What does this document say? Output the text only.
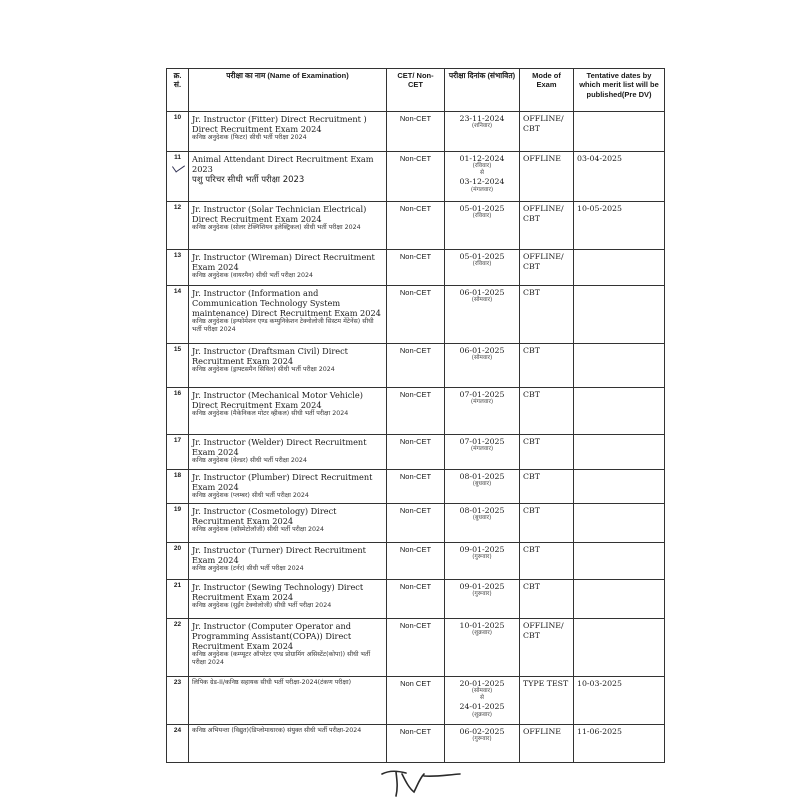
क्र. सं.	परीक्षा का नाम (Name of Examination)	CET/ Non-CET	परीक्षा दिनांक (संभावित)	Mode of Exam	Tentative dates by which merit list will be published(Pre DV)
10	Jr. Instructor (Fitter) Direct Recruitment ) Direct Recruitment Exam 2024
कनिष्ठ अनुदेशक (फिटर) सीधी भर्ती परीक्षा 2024	Non-CET	23-11-2024
(शनिवार)	OFFLINE/ CBT	
11	Animal Attendant Direct Recruitment Exam 2023
पशु परिचर सीधी भर्ती परीक्षा 2023	Non-CET	01-12-2024
(रविवार)
से
03-12-2024
(मंगलवार)	OFFLINE	03-04-2025
12	Jr. Instructor (Solar Technician Electrical) Direct Recruitment Exam 2024
कनिष्ठ अनुदेशक (सोलर टेक्निशियन इलेक्ट्रिकल) सीधी भर्ती परीक्षा 2024	Non-CET	05-01-2025
(रविवार)	OFFLINE/ CBT	10-05-2025
13	Jr. Instructor (Wireman) Direct Recruitment Exam 2024
कनिष्ठ अनुदेशक (वायरमैन) सीधी भर्ती परीक्षा 2024	Non-CET	05-01-2025
(रविवार)	OFFLINE/ CBT	
14	Jr. Instructor (Information and Communication Technology System maintenance) Direct Recruitment Exam 2024
कनिष्ठ अनुदेशक (इन्फोमेशन एण्ड कम्युनिकेशन टेक्नोलोजी सिस्टम मेंटेनेंस) सीधी भर्ती परीक्षा 2024	Non-CET	06-01-2025
(सोमवार)	CBT	
15	Jr. Instructor (Draftsman Civil) Direct Recruitment Exam 2024
कनिष्ठ अनुदेशक (ड्राफ्टसमैन सिविल) सीधी भर्ती परीक्षा 2024	Non-CET	06-01-2025
(सोमवार)	CBT	
16	Jr. Instructor (Mechanical Motor Vehicle) Direct Recruitment Exam 2024
कनिष्ठ अनुदेशक (मैकेनिकल मोटर व्हीकल) सीधी भर्ती परीक्षा 2024	Non-CET	07-01-2025
(मंगलवार)	CBT	
17	Jr. Instructor (Welder) Direct Recruitment Exam 2024
कनिष्ठ अनुदेशक (वेल्डर) सीधी भर्ती परीक्षा 2024	Non-CET	07-01-2025
(मंगलवार)	CBT	
18	Jr. Instructor (Plumber) Direct Recruitment Exam 2024
कनिष्ठ अनुदेशक (प्लम्बर) सीधी भर्ती परीक्षा 2024	Non-CET	08-01-2025
(बुधवार)	CBT	
19	Jr. Instructor (Cosmetology) Direct Recruitment Exam 2024
कनिष्ठ अनुदेशक (कॉस्मेटोलॉजी) सीधी भर्ती परीक्षा 2024	Non-CET	08-01-2025
(बुधवार)	CBT	
20	Jr. Instructor (Turner) Direct Recruitment Exam 2024
कनिष्ठ अनुदेशक (टर्नर) सीधी भर्ती परीक्षा 2024	Non-CET	09-01-2025
(गुरूवार)	CBT	
21	Jr. Instructor (Sewing Technology) Direct Recruitment Exam 2024
कनिष्ठ अनुदेशक (सुईंग टेक्नोलोजी) सीधी भर्ती परीक्षा 2024	Non-CET	09-01-2025
(गुरूवार)	CBT	
22	Jr. Instructor (Computer Operator and Programming Assistant(COPA)) Direct Recruitment Exam 2024
कनिष्ठ अनुदेशक (कम्प्यूटर ऑपरेटर एण्ड प्रोग्रामिंग असिस्टेंट(कोपा)) सीधी भर्ती परीक्षा 2024	Non-CET	10-01-2025
(शुक्रवार)	OFFLINE/ CBT	
23	लिपिक ग्रेड-II/कनिष्ठ सहायक सीधी भर्ती परीक्षा-2024(टंकण परीक्षा)	Non CET	20-01-2025
(सोमवार)
से
24-01-2025
(शुक्रवार)	TYPE TEST	10-03-2025
24	कनिष्ठ अभियन्ता (विद्युत)(डिप्लोमाधारक) संयुक्त सीधी भर्ती परीक्षा-2024	Non-CET	06-02-2025
(गुरूवार)	OFFLINE	11-06-2025
